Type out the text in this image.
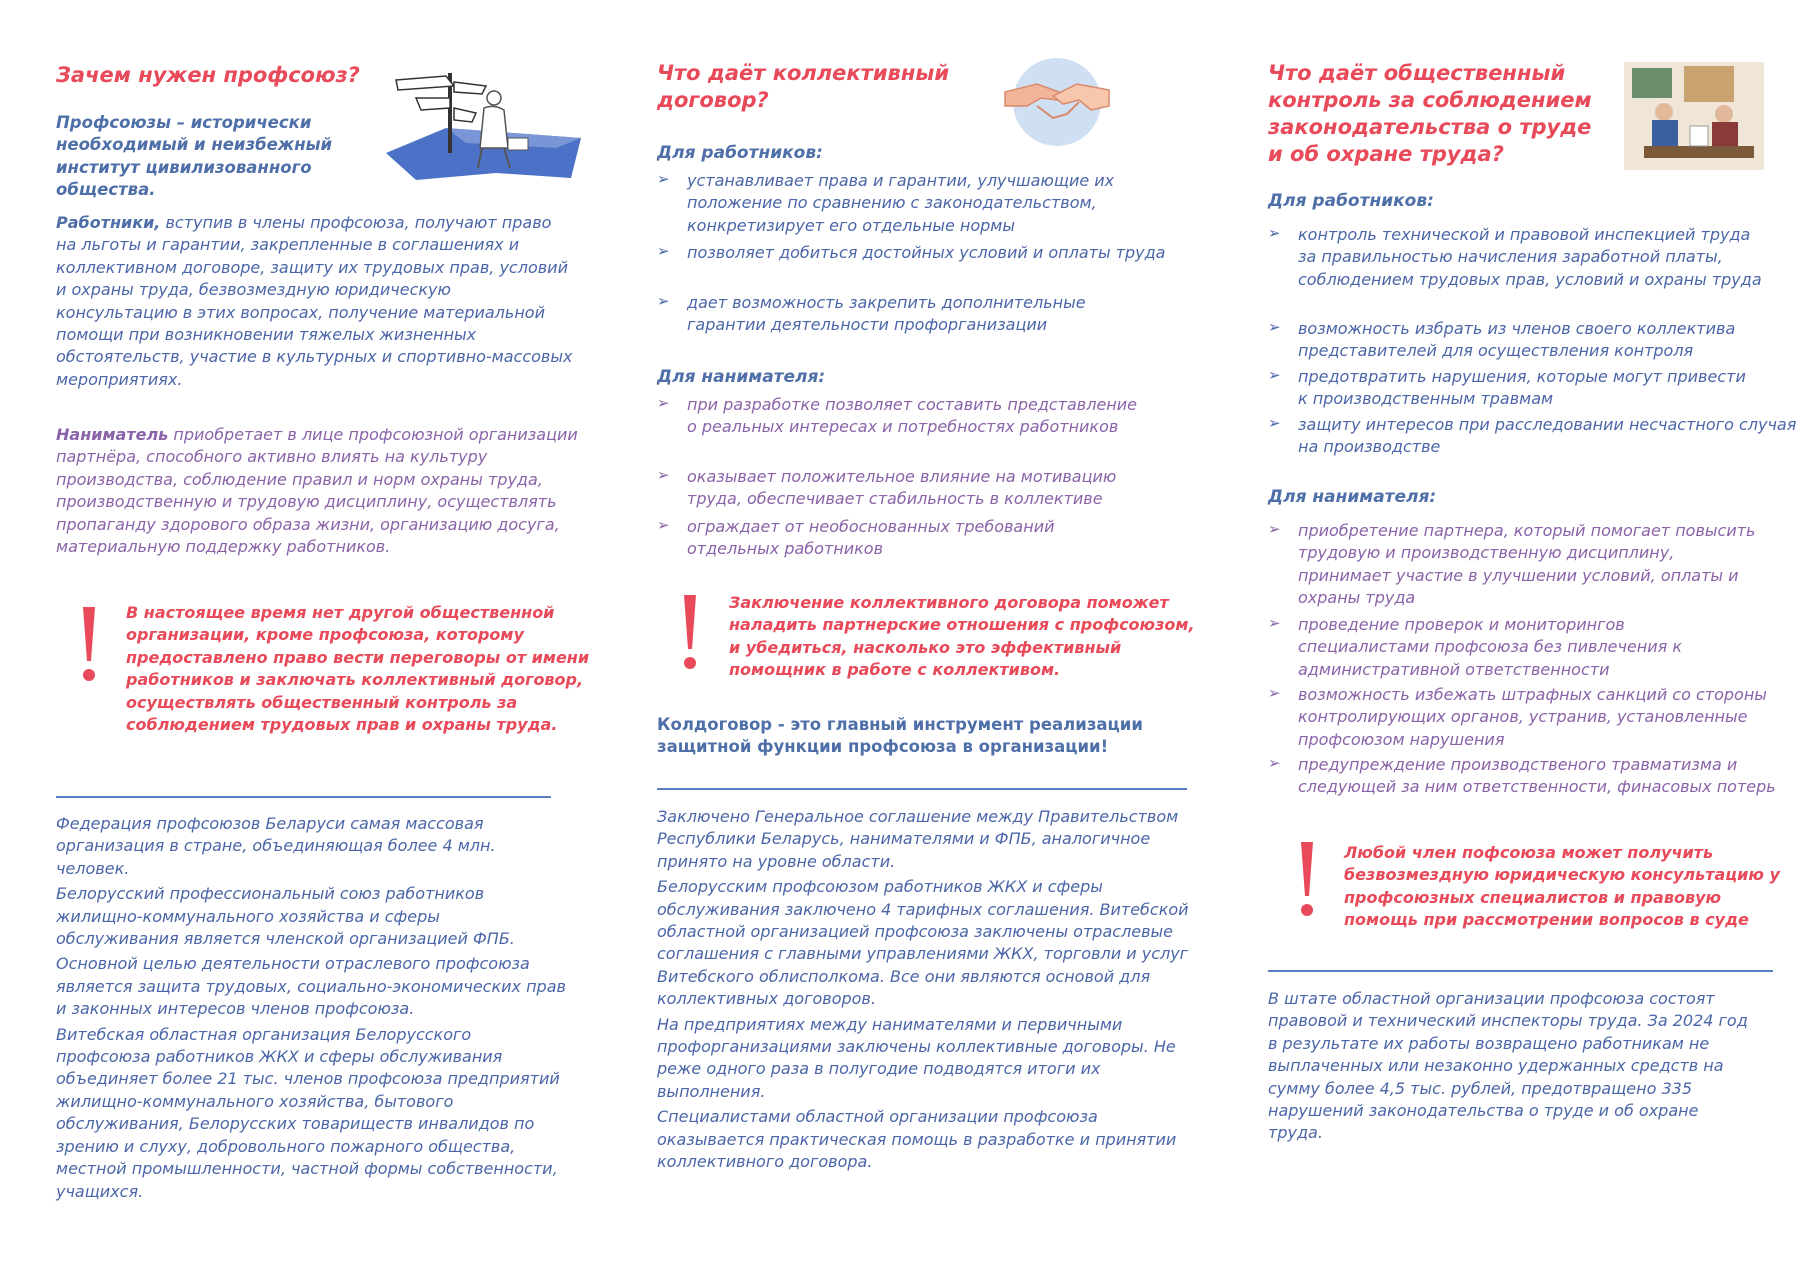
Зачем нужен профсоюз?
Профсоюзы – исторически необходимый и неизбежный институт цивилизованного общества.
Работники, вступив в члены профсоюза, получают право на льготы и гарантии, закрепленные в соглашениях и коллективном договоре, защиту их трудовых прав, условий и охраны труда, безвозмездную юридическую консультацию в этих вопросах, получение материальной помощи при возникновении тяжелых жизненных обстоятельств, участие в культурных и спортивно-массовых мероприятиях.
Наниматель приобретает в лице профсоюзной организации партнёра, способного активно влиять на культуру производства, соблюдение правил и норм охраны труда, производственную и трудовую дисциплину, осуществлять пропаганду здорового образа жизни, организацию досуга, материальную поддержку работников.
В настоящее время нет другой общественной организации, кроме профсоюза, которому предоставлено право вести переговоры от имени работников и заключать коллективный договор, осуществлять общественный контроль за соблюдением трудовых прав и охраны труда.
Федерация профсоюзов Беларуси самая массовая организация в стране, объединяющая более 4 млн. человек.
Белорусский профессиональный союз работников жилищно-коммунального хозяйства и сферы обслуживания является членской организацией ФПБ.
Основной целью деятельности отраслевого профсоюза является защита трудовых, социально-экономических прав и законных интересов членов профсоюза.
Витебская областная организация Белорусского профсоюза работников ЖКХ и сферы обслуживания объединяет более 21 тыс. членов профсоюза предприятий жилищно-коммунального хозяйства, бытового обслуживания, Белорусских товариществ инвалидов по зрению и слуху, добровольного пожарного общества, местной промышленности, частной формы собственности, учащихся.
Что даёт коллективный договор?
Для работников:
➢ устанавливает права и гарантии, улучшающие их положение по сравнению с законодательством, конкретизирует его отдельные нормы
➢ позволяет добиться достойных условий и оплаты труда
➢ дает возможность закрепить дополнительные гарантии деятельности профорганизации
Для нанимателя:
➢ при разработке позволяет составить представление о реальных интересах и потребностях работников
➢ оказывает положительное влияние на мотивацию труда, обеспечивает стабильность в коллективе
➢ ограждает от необоснованных требований отдельных работников
Заключение коллективного договора поможет наладить партнерские отношения с профсоюзом, и убедиться, насколько это эффективный помощник в работе с коллективом.
Колдоговор - это главный инструмент реализации защитной функции профсоюза в организации!
Заключено Генеральное соглашение между Правительством Республики Беларусь, нанимателями и ФПБ, аналогичное принято на уровне области.
Белорусским профсоюзом работников ЖКХ и сферы обслуживания заключено 4 тарифных соглашения. Витебской областной организацией профсоюза заключены отраслевые соглашения с главными управлениями ЖКХ, торговли и услуг Витебского облисполкома. Все они являются основой для коллективных договоров.
На предприятиях между нанимателями и первичными профорганизациями заключены коллективные договоры. Не реже одного раза в полугодие подводятся итоги их выполнения.
Специалистами областной организации профсоюза оказывается практическая помощь в разработке и принятии коллективного договора.
Что даёт общественный контроль за соблюдением законодательства о труде и об охране труда?
Для работников:
➢ контроль технической и правовой инспекцией труда за правильностью начисления заработной платы, соблюдением трудовых прав, условий и охраны труда
➢ возможность избрать из членов своего коллектива представителей для осуществления контроля
➢ предотвратить нарушения, которые могут привести к производственным травмам
➢ защиту интересов при расследовании несчастного случая на производстве
Для нанимателя:
➢ приобретение партнера, который помогает повысить трудовую и производственную дисциплину, принимает участие в улучшении условий, оплаты и охраны труда
➢ проведение проверок и мониторингов специалистами профсоюза без пивлечения к административной ответственности
➢ возможность избежать штрафных санкций со стороны контролирующих органов, устранив, установленные профсоюзом нарушения
➢ предупреждение производственого травматизма и следующей за ним ответственности, финасовых потерь
Любой член пофсоюза может получить безвозмездную юридическую консультацию у профсоюзных специалистов и правовую помощь при рассмотрении вопросов в суде
В штате областной организации профсоюза состоят правовой и технический инспекторы труда. За 2024 год в результате их работы возвращено работникам не выплаченных или незаконно удержанных средств на сумму более 4,5 тыс. рублей, предотвращено 335 нарушений законодательства о труде и об охране труда.
